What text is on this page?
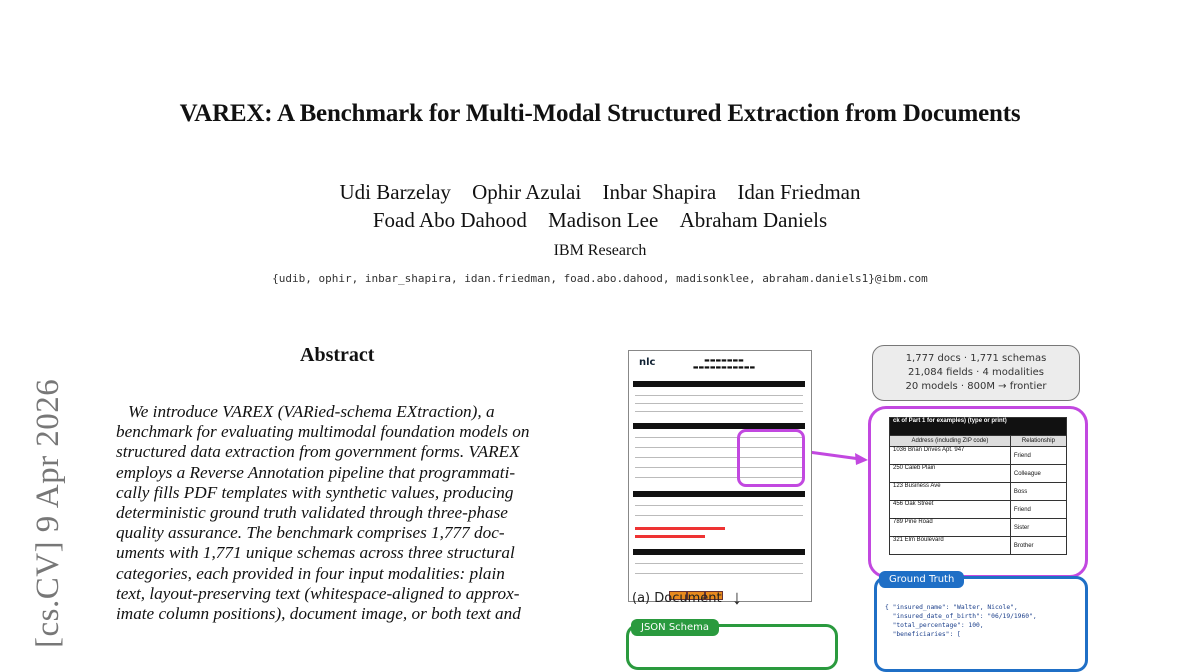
VAREX: A Benchmark for Multi-Modal Structured Extraction from Documents
Udi Barzelay Ophir Azulai Inbar Shapira Idan Friedman
Foad Abo Dahood Madison Lee Abraham Daniels
IBM Research
{udib, ophir, inbar_shapira, idan.friedman, foad.abo.dahood, madisonklee, abraham.daniels1}@ibm.com
[cs.CV] 9 Apr 2026
Abstract
We introduce VAREX (VARied-schema EXtraction), a
benchmark for evaluating multimodal foundation models on
structured data extraction from government forms. VAREX
employs a Reverse Annotation pipeline that programmati-
cally fills PDF templates with synthetic values, producing
deterministic ground truth validated through three-phase
quality assurance. The benchmark comprises 1,777 doc-
uments with 1,771 unique schemas across three structural
categories, each provided in four input modalities: plain
text, layout-preserving text (whitespace-aligned to approx-
imate column positions), document image, or both text and
nlc	▬▬▬▬▬▬▬
▬▬▬▬▬▬▬▬▬▬▬
(a) Document ↓
1,777 docs · 1,771 schemas
21,084 fields · 4 modalities
20 models · 800M → frontier
ck of Part 1 for examples) (type or print)	
Address (including ZIP code)	Relationship
1036 Brian Drives Apt. 947	Friend
250 Caleb Plain	Colleague
123 Business Ave	Boss
456 Oak Street	Friend
789 Pine Road	Sister
321 Elm Boulevard	Brother
Ground Truth
{ "insured_name": "Walter, Nicole",
"insured_date_of_birth": "06/19/1960",
"total_percentage": 100,
"beneficiaries": [
JSON Schema
